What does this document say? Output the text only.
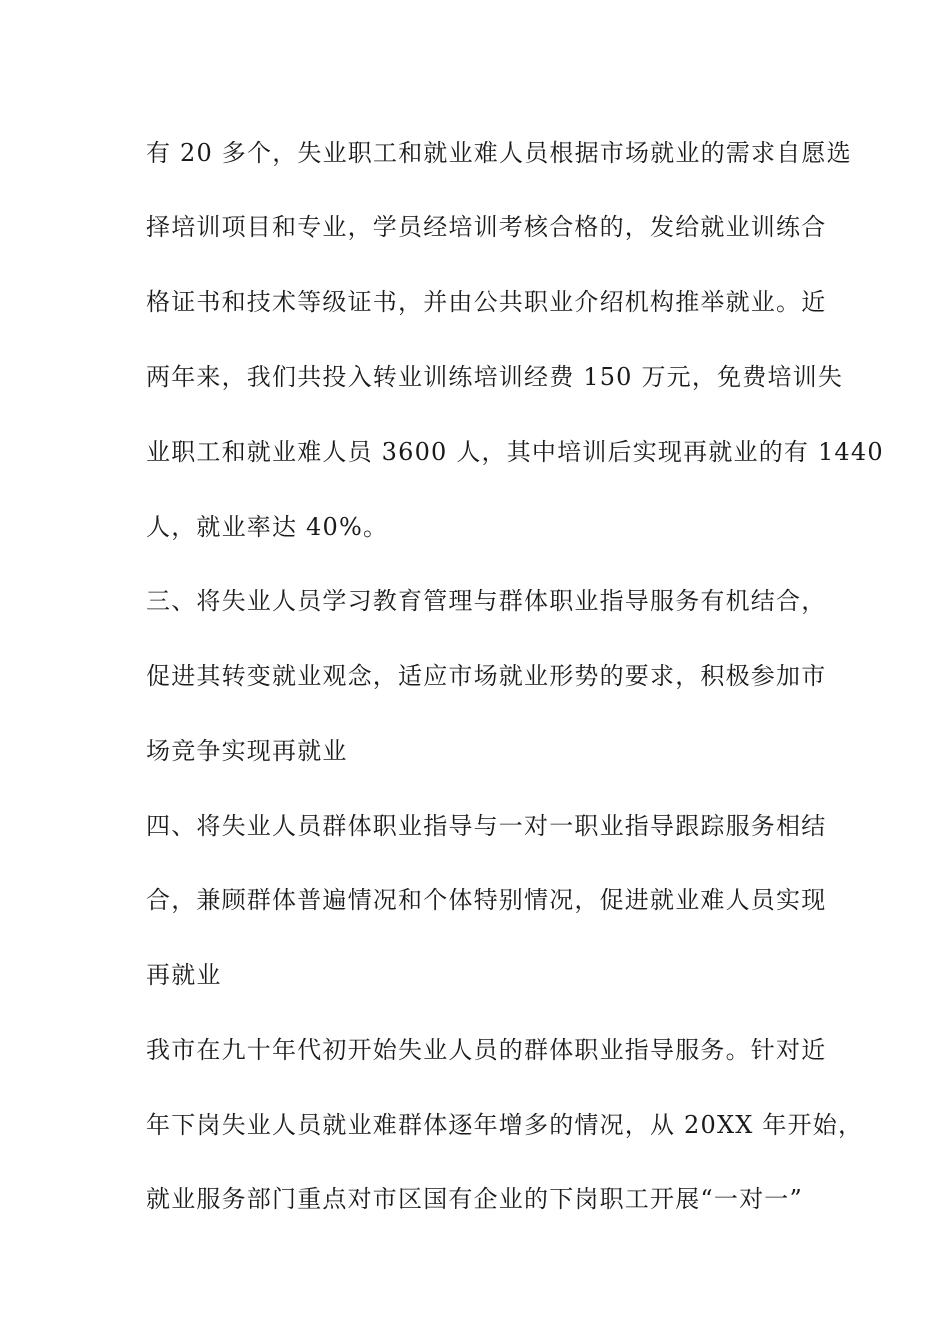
有 20 多个，失业职工和就业难人员根据市场就业的需求自愿选
择培训项目和专业，学员经培训考核合格的，发给就业训练合
格证书和技术等级证书，并由公共职业介绍机构推举就业。近
两年来，我们共投入转业训练培训经费 150 万元，免费培训失
业职工和就业难人员 3600 人，其中培训后实现再就业的有 1440
人，就业率达 40%。
三、将失业人员学习教育管理与群体职业指导服务有机结合，
促进其转变就业观念，适应市场就业形势的要求，积极参加市
场竞争实现再就业
四、将失业人员群体职业指导与一对一职业指导跟踪服务相结
合，兼顾群体普遍情况和个体特别情况，促进就业难人员实现
再就业
我市在九十年代初开始失业人员的群体职业指导服务。针对近
年下岗失业人员就业难群体逐年增多的情况，从 20XX 年开始，
就业服务部门重点对市区国有企业的下岗职工开展“一对一”
